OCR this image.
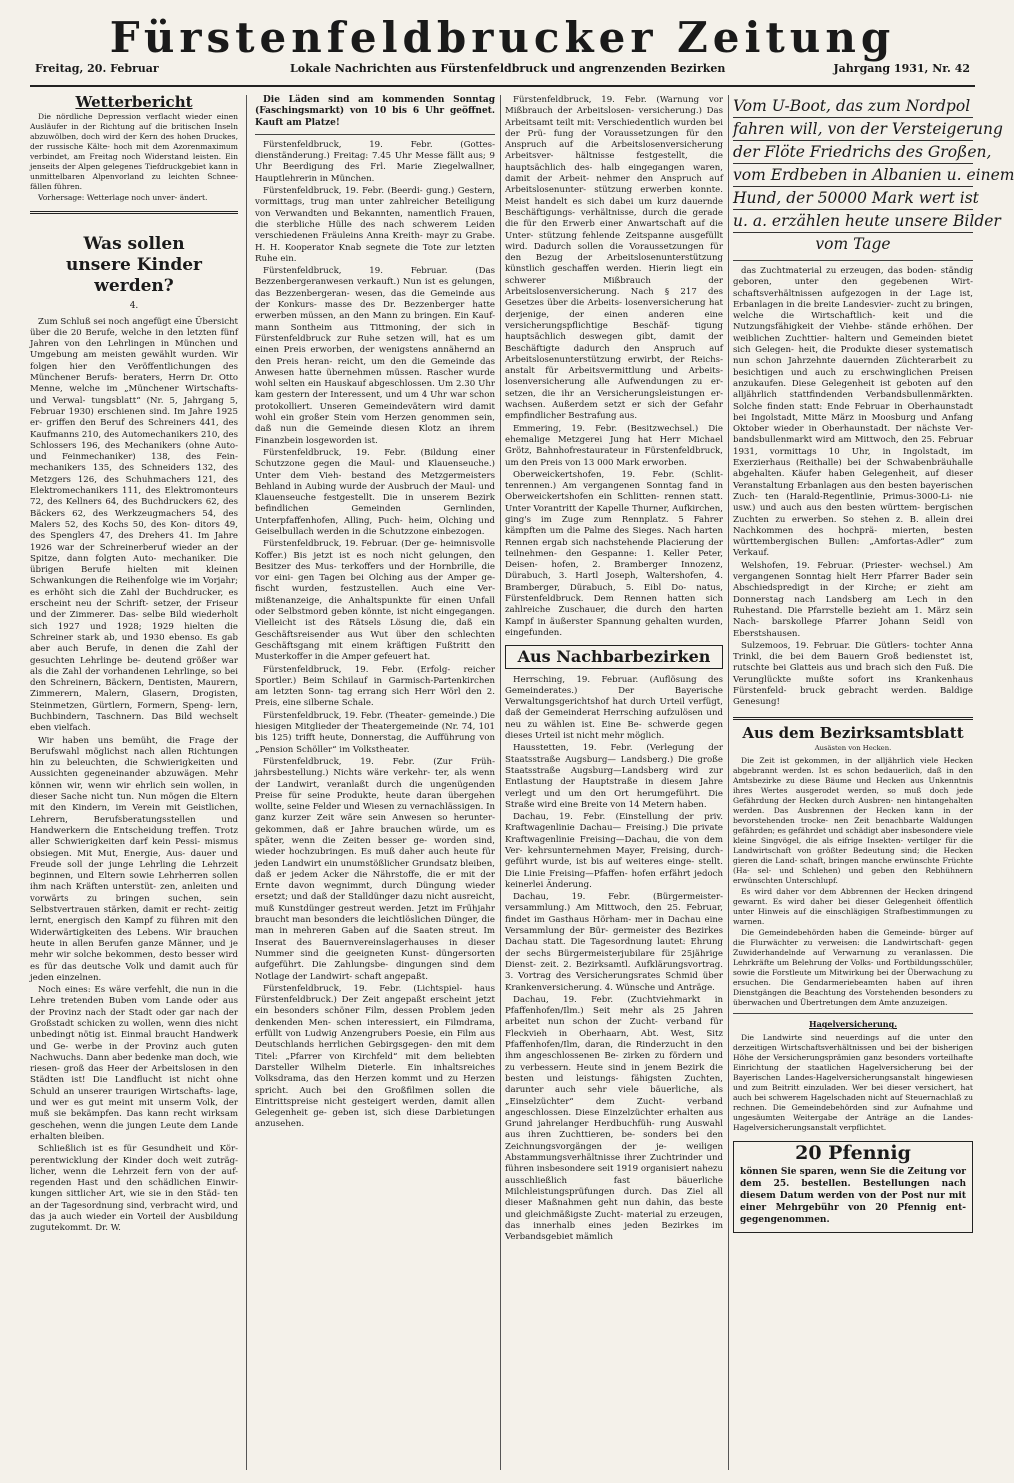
Fürstenfeldbrucker Zeitung
Freitag, 20. Februar	Lokale Nachrichten aus Fürstenfeldbruck und angrenzenden Bezirken	Jahrgang 1931, Nr. 42
Wetterbericht

Die nördliche Depression verflacht wieder einen Ausläufer in der Richtung auf die britischen Inseln abzuwölben, doch wird der Kern des hohen Druckes, der russische Kälte- hoch mit dem Azorenmaximum verbindet, am Freitag noch Widerstand leisten. Ein jenseits der Alpen gelegenes Tiefdruckgebiet kann in unmittelbaren Alpenvorland zu leichten Schnee- fällen führen.

Vorhersage: Wetterlage noch unver- ändert.

Was sollen
unsere Kinder werden?
4.

Zum Schluß sei noch angefügt eine Übersicht über die 20 Berufe, welche in den letzten fünf Jahren von den Lehrlingen in München und Umgebung am meisten gewählt wurden. Wir folgen hier den Veröffentlichungen des Münchener Berufs- beraters, Herrn Dr. Otto Menne, welche im „Münchener Wirtschafts- und Verwal- tungsblatt“ (Nr. 5, Jahrgang 5, Februar 1930) erschienen sind. Im Jahre 1925 er- griffen den Beruf des Schreiners 441, des Kaufmanns 210, des Automechanikers 210, des Schlossers 196, des Mechanikers (ohne Auto- und Feinmechaniker) 138, des Fein- mechanikers 135, des Schneiders 132, des Metzgers 126, des Schuhmachers 121, des Elektromechanikers 111, des Elektromonteurs 72, des Kellners 64, des Buchdruckers 62, des Bäckers 62, des Werkzeugmachers 54, des Malers 52, des Kochs 50, des Kon- ditors 49, des Spenglers 47, des Drehers 41. Im Jahre 1926 war der Schreinerberuf wieder an der Spitze, dann folgten Auto- mechaniker. Die übrigen Berufe hielten mit kleinen Schwankungen die Reihenfolge wie im Vorjahr; es erhöht sich die Zahl der Buchdrucker, es erscheint neu der Schrift- setzer, der Friseur und der Zimmerer. Das- selbe Bild wiederholt sich 1927 und 1928; 1929 hielten die Schreiner stark ab, und 1930 ebenso. Es gab aber auch Berufe, in denen die Zahl der gesuchten Lehrlinge be- deutend größer war als die Zahl der vorhandenen Lehrlinge, so bei den Schreinern, Bäckern, Dentisten, Maurern, Zimmerern, Malern, Glasern, Drogisten, Steinmetzen, Gürtlern, Formern, Speng- lern, Buchbindern, Taschnern. Das Bild wechselt eben vielfach.

Wir haben uns bemüht, die Frage der Berufswahl möglichst nach allen Richtungen hin zu beleuchten, die Schwierigkeiten und Aussichten gegeneinander abzuwägen. Mehr können wir, wenn wir ehrlich sein wollen, in dieser Sache nicht tun. Nun mögen die Eltern mit den Kindern, im Verein mit Geistlichen, Lehrern, Berufsberatungsstellen und Handwerkern die Entscheidung treffen. Trotz aller Schwierigkeiten darf kein Pessi- mismus obsiegen. Mit Mut, Energie, Aus- dauer und Freude soll der junge Lehrling die Lehrzeit beginnen, und Eltern sowie Lehrherren sollen ihm nach Kräften unterstüt- zen, anleiten und vorwärts zu bringen suchen, sein Selbstvertrauen stärken, damit er recht- zeitig lernt, energisch den Kampf zu führen mit den Widerwärtigkeiten des Lebens. Wir brauchen heute in allen Berufen ganze Männer, und je mehr wir solche bekommen, desto besser wird es für das deutsche Volk und damit auch für jeden einzelnen.

Noch eines: Es wäre verfehlt, die nun in die Lehre tretenden Buben vom Lande oder aus der Provinz nach der Stadt oder gar nach der Großstadt schicken zu wollen, wenn dies nicht unbedingt nötig ist. Einmal braucht Handwerk und Ge- werbe in der Provinz auch guten Nachwuchs. Dann aber bedenke man doch, wie riesen- groß das Heer der Arbeitslosen in den Städten ist! Die Landflucht ist nicht ohne Schuld an unserer traurigen Wirtschafts- lage, und wer es gut meint mit unserm Volk, der muß sie bekämpfen. Das kann recht wirksam geschehen, wenn die jungen Leute dem Lande erhalten bleiben.

Schließlich ist es für Gesundheit und Kör- perentwicklung der Kinder doch weit zuträg- licher, wenn die Lehrzeit fern von der auf- regenden Hast und den schädlichen Einwir- kungen sittlicher Art, wie sie in den Städ- ten an der Tagesordnung sind, verbracht wird, und das ja auch wieder ein Vorteil der Ausbildung zugutekommt. Dr. W.

Die Läden sind am kommenden Sonntag (Faschingsmarkt) von 10 bis 6 Uhr geöffnet. Kauft am Platze!

Fürstenfeldbruck, 19. Febr. (Gottes- dienständerung.) Freitag: 7.45 Uhr Messe fällt aus; 9 Uhr Beerdigung des Frl. Marie Ziegelwallner, Hauptlehrerin in München.

Fürstenfeldbruck, 19. Febr. (Beerdi- gung.) Gestern, vormittags, trug man unter zahlreicher Beteiligung von Verwandten und Bekannten, namentlich Frauen, die sterbliche Hülle des nach schwerem Leiden verschiedenen Fräuleins Anna Kreith- mayr zu Grabe. H. H. Kooperator Knab segnete die Tote zur letzten Ruhe ein.

Fürstenfeldbruck, 19. Februar. (Das Bezzenbergeranwesen verkauft.) Nun ist es gelungen, das Bezzenbergeran- wesen, das die Gemeinde aus der Konkurs- masse des Dr. Bezzenberger hatte erwerben müssen, an den Mann zu bringen. Ein Kauf- mann Sontheim aus Tittmoning, der sich in Fürstenfeldbruck zur Ruhe setzen will, hat es um einen Preis erworben, der wenigstens annähernd an den Preis heran- reicht, um den die Gemeinde das Anwesen hatte übernehmen müssen. Rascher wurde wohl selten ein Hauskauf abgeschlossen. Um 2.30 Uhr kam gestern der Interessent, und um 4 Uhr war schon protokolliert. Unseren Gemeindevätern wird damit wohl ein großer Stein vom Herzen genommen sein, daß nun die Gemeinde diesen Klotz an ihrem Finanzbein losgeworden ist.

Fürstenfeldbruck, 19. Febr. (Bildung einer Schutzzone gegen die Maul- und Klauenseuche.) Unter dem Vieh- bestand des Metzgermeisters Behland in Aubing wurde der Ausbruch der Maul- und Klauenseuche festgestellt. Die in unserem Bezirk befindlichen Gemeinden Gernlinden, Unterpfaffenhofen, Alling, Puch- heim, Olching und Geiselbullach werden in die Schutzzone einbezogen.

Fürstenfeldbruck, 19. Februar. (Der ge- heimnisvolle Koffer.) Bis jetzt ist es noch nicht gelungen, den Besitzer des Mus- terkoffers und der Hornbrille, die vor eini- gen Tagen bei Olching aus der Amper ge- fischt wurden, festzustellen. Auch eine Ver- mißtenanzeige, die Anhaltspunkte für einen Unfall oder Selbstmord geben könnte, ist nicht eingegangen. Vielleicht ist des Rätsels Lösung die, daß ein Geschäftsreisender aus Wut über den schlechten Geschäftsgang mit einem kräftigen Fußtritt den Musterkoffer in die Amper gefeuert hat.

Fürstenfeldbruck, 19. Febr. (Erfolg- reicher Sportler.) Beim Schilauf in Garmisch-Partenkirchen am letzten Sonn- tag errang sich Herr Wörl den 2. Preis, eine silberne Schale.

Fürstenfeldbruck, 19. Febr. (Theater- gemeinde.) Die hiesigen Mitglieder der Theatergemeinde (Nr. 74, 101 bis 125) trifft heute, Donnerstag, die Aufführung von „Pension Schöller“ im Volkstheater.

Fürstenfeldbruck, 19. Febr. (Zur Früh- jahrsbestellung.) Nichts wäre verkehr- ter, als wenn der Landwirt, veranlaßt durch die ungenügenden Preise für seine Produkte, heute daran übergehen wollte, seine Felder und Wiesen zu vernachlässigen. In ganz kurzer Zeit wäre sein Anwesen so herunter- gekommen, daß er Jahre brauchen würde, um es später, wenn die Zeiten besser ge- worden sind, wieder hochzubringen. Es muß daher auch heute für jeden Landwirt ein unumstößlicher Grundsatz bleiben, daß er jedem Acker die Nährstoffe, die er mit der Ernte davon wegnimmt, durch Düngung wieder ersetzt; und daß der Stalldünger dazu nicht ausreicht, muß Kunstdünger gestreut werden. Jetzt im Frühjahr braucht man besonders die leichtlöslichen Dünger, die man in mehreren Gaben auf die Saaten streut. Im Inserat des Bauernvereinslagerhauses in dieser Nummer sind die geeigneten Kunst- düngersorten aufgeführt. Die Zahlungsbe- dingungen sind dem Notlage der Landwirt- schaft angepaßt.

Fürstenfeldbruck, 19. Febr. (Lichtspiel- haus Fürstenfeldbruck.) Der Zeit angepaßt erscheint jetzt ein besonders schöner Film, dessen Problem jeden denkenden Men- schen interessiert, ein Filmdrama, erfüllt von Ludwig Anzengrubers Poesie, ein Film aus Deutschlands herrlichen Gebirgsgegen- den mit dem Titel: „Pfarrer von Kirchfeld“ mit dem beliebten Darsteller Wilhelm Dieterle. Ein inhaltsreiches Volksdrama, das den Herzen kommt und zu Herzen spricht. Auch bei den Großfilmen sollen die Eintrittspreise nicht gesteigert werden, damit allen Gelegenheit ge- geben ist, sich diese Darbietungen anzusehen.

Fürstenfeldbruck, 19. Febr. (Warnung vor Mißbrauch der Arbeitslosen- versicherung.) Das Arbeitsamt teilt mit: Verschiedentlich wurden bei der Prü- fung der Voraussetzungen für den Anspruch auf die Arbeitslosenversicherung Arbeitsver- hältnisse festgestellt, die hauptsächlich des- halb eingegangen waren, damit der Arbeit- nehmer den Anspruch auf Arbeitslosenunter- stützung erwerben konnte. Meist handelt es sich dabei um kurz dauernde Beschäftigungs- verhältnisse, durch die gerade die für den Erwerb einer Anwartschaft auf die Unter- stützung fehlende Zeitspanne ausgefüllt wird. Dadurch sollen die Voraussetzungen für den Bezug der Arbeitslosenunterstützung künstlich geschaffen werden. Hierin liegt ein schwerer Mißbrauch der Arbeitslosenversicherung. Nach § 217 des Gesetzes über die Arbeits- losenversicherung hat derjenige, der einen anderen eine versicherungspflichtige Beschäf- tigung hauptsächlich deswegen gibt, damit der Beschäftigte dadurch den Anspruch auf Arbeitslosenunterstützung erwirbt, der Reichs- anstalt für Arbeitsvermittlung und Arbeits- losenversicherung alle Aufwendungen zu er- setzen, die ihr an Versicherungsleistungen er- wachsen. Außerdem setzt er sich der Gefahr empfindlicher Bestrafung aus.

Emmering, 19. Febr. (Besitzwechsel.) Die ehemalige Metzgerei Jung hat Herr Michael Grötz, Bahnhofrestaurateur in Fürstenfeldbruck, um den Preis von 13 000 Mark erworben.

Oberweickertshofen, 19. Febr. (Schlit- tenrennen.) Am vergangenen Sonntag fand in Oberweickertshofen ein Schlitten- rennen statt. Unter Vorantritt der Kapelle Thurner, Aufkirchen, ging's im Zuge zum Rennplatz. 5 Fahrer kämpften um die Palme des Sieges. Nach harten Rennen ergab sich nachstehende Placierung der teilnehmen- den Gespanne: 1. Keller Peter, Deisen- hofen, 2. Bramberger Innozenz, Dürabuch, 3. Hartl Joseph, Waltershofen, 4. Bramberger, Dürabuch, 5. Eibl Do- natus, Fürstenfeldbruck. Dem Rennen hatten sich zahlreiche Zuschauer, die durch den harten Kampf in äußerster Spannung gehalten wurden, eingefunden.

Aus Nachbarbezirken

Herrsching, 19. Februar. (Auflösung des Gemeinderates.) Der Bayerische Verwaltungsgerichtshof hat durch Urteil verfügt, daß der Gemeinderat Herrsching aufzulösen und neu zu wählen ist. Eine Be- schwerde gegen dieses Urteil ist nicht mehr möglich.

Hausstetten, 19. Febr. (Verlegung der Staatsstraße Augsburg— Landsberg.) Die große Staatsstraße Augsburg—Landsberg wird zur Entlastung der Hauptstraße in diesem Jahre verlegt und um den Ort herumgeführt. Die Straße wird eine Breite von 14 Metern haben.

Dachau, 19. Febr. (Einstellung der priv. Kraftwagenlinie Dachau— Freising.) Die private Kraftwagenlinie Freising—Dachau, die von dem Ver- kehrsunternehmen Mayer, Freising, durch- geführt wurde, ist bis auf weiteres einge- stellt. Die Linie Freising—Pfaffen- hofen erfährt jedoch keinerlei Änderung.

Dachau, 19. Febr. (Bürgermeister- versammlung.) Am Mittwoch, den 25. Februar, findet im Gasthaus Hörham- mer in Dachau eine Versammlung der Bür- germeister des Bezirkes Dachau statt. Die Tagesordnung lautet: Ehrung der sechs Bürgermeisterjubilare für 25jährige Dienst- zeit. 2. Bezirksamtl. Aufklärungsvortrag. 3. Vortrag des Versicherungsrates Schmid über Krankenversicherung. 4. Wünsche und Anträge.

Dachau, 19. Febr. (Zuchtviehmarkt in Pfaffenhofen/Ilm.) Seit mehr als 25 Jahren arbeitet nun schon der Zucht- verband für Fleckvieh in Oberhaarn, Abt. West, Sitz Pfaffenhofen/Ilm, daran, die Rinderzucht in den ihm angeschlossenen Be- zirken zu fördern und zu verbessern. Heute sind in jenem Bezirk die besten und leistungs- fähigsten Zuchten, darunter auch sehr viele bäuerliche, als „Einselzüchter“ dem Zucht- verband angeschlossen. Diese Einzelzüchter erhalten aus Grund jahrelanger Herdbuchfüh- rung Auswahl aus ihren Zuchttieren, be- sonders bei den Zeichnungsvorgängen der je- weiligen Abstammungsverhältnisse ihrer Zuchtrinder und führen insbesondere seit 1919 organisiert nahezu ausschließlich fast bäuerliche Milchleistungsprüfungen durch. Das Ziel all dieser Maßnahmen geht nun dahin, das beste und gleichmäßigste Zucht- material zu erzeugen, das innerhalb eines jeden Bezirkes im Verbandsgebiet mämlich

Vom U-Boot, das zum Nordpol
fahren will, von der Versteigerung
der Flöte Friedrichs des Großen,
vom Erdbeben in Albanien u. einem
Hund, der 50000 Mark wert ist
u. a. erzählen heute unsere Bilder
vom Tage

das Zuchtmaterial zu erzeugen, das boden- ständig geboren, unter den gegebenen Wirt- schaftsverhältnissen aufgezogen in der Lage ist, Erbanlagen in die breite Landesvier- zucht zu bringen, welche die Wirtschaftlich- keit und die Nutzungsfähigkeit der Viehbe- stände erhöhen. Der weiblichen Zuchttier- haltern und Gemeinden bietet sich Gelegen- heit, die Produkte dieser systematisch nun schon Jahrzehnte dauernden Züchterarbeit zu besichtigen und auch zu erschwinglichen Preisen anzukaufen. Diese Gelegenheit ist geboten auf den alljährlich stattfindenden Verbandsbullenmärkten. Solche finden statt: Ende Februar in Oberhaunstadt bei Ingolstadt, Mitte März in Moosburg und Anfang Oktober wieder in Oberhaunstadt. Der nächste Ver- bandsbullenmarkt wird am Mittwoch, den 25. Februar 1931, vormittags 10 Uhr, in Ingolstadt, im Exerzierhaus (Reithalle) bei der Schwabenbräuhalle abgehalten. Käufer haben Gelegenheit, auf dieser Veranstaltung Erbanlagen aus den besten bayerischen Zuch- ten (Harald-Regentlinie, Primus-3000-Li- nie usw.) und auch aus den besten württem- bergischen Zuchten zu erwerben. So stehen z. B. allein drei Nachkommen des hochprä- mierten, besten württembergischen Bullen: „Amfortas-Adler“ zum Verkauf.

Welshofen, 19. Februar. (Priester- wechsel.) Am vergangenen Sonntag hielt Herr Pfarrer Bader sein Abschiedspredigt in der Kirche; er zieht am Donnerstag nach Landsberg am Lech in den Ruhestand. Die Pfarrstelle bezieht am 1. März sein Nach- barskollege Pfarrer Johann Seidl von Eberstshausen.

Sulzemoos, 19. Februar. Die Gütlers- tochter Anna Trinkl, die bei dem Bauern Groß bedienstet ist, rutschte bei Glatteis aus und brach sich den Fuß. Die Verunglückte mußte sofort ins Krankenhaus Fürstenfeld- bruck gebracht werden. Baldige Genesung!

Aus dem Bezirksamtsblatt
Ausästen von Hecken.

Die Zeit ist gekommen, in der alljährlich viele Hecken abgebrannt werden. Ist es schon bedauerlich, daß in den Amtsbezirke zu diese Bäume und Hecken aus Unkenntnis ihres Wertes ausgerodet werden, so muß doch jede Gefährdung der Hecken durch Ausbren- nen hintangehalten werden. Das Ausbrennen der Hecken kann in der bevorstehenden trocke- nen Zeit benachbarte Waldungen gefährden; es gefährdet und schädigt aber insbesondere viele kleine Singvögel, die als eifrige Insekten- vertilger für die Landwirtschaft von größter Bedeutung sind; die Hecken gieren die Land- schaft, bringen manche erwünschte Früchte (Ha- sel- und Schlehen) und geben den Rebhühnern erwünschten Unterschlupf.

Es wird daher vor dem Abbrennen der Hecken dringend gewarnt. Es wird daher bei dieser Gelegenheit öffentlich unter Hinweis auf die einschlägigen Strafbestimmungen zu warnen.

Die Gemeindebehörden haben die Gemeinde- bürger auf die Flurwächter zu verweisen: die Landwirtschaft- gegen Zuwiderhandelnde auf Verwarnung zu veranlassen. Die Lehrkräfte um Belehrung der Volks- und Fortbildungsschüler, sowie die Forstleute um Mitwirkung bei der Überwachung zu ersuchen. Die Gendarmeriebeamten haben auf ihren Dienstgängen die Beachtung des Vorstehenden besonders zu überwachen und Übertretungen dem Amte anzuzeigen.

Hagelversicherung.

Die Landwirte sind neuerdings auf die unter den derzeitigen Wirtschaftsverhältnissen und bei der bisherigen Höhe der Versicherungsprämien ganz besonders vorteilhafte Einrichtung der staatlichen Hagelversicherung bei der Bayerischen Landes-Hagelversicherungsanstalt hingewiesen und zum Beitritt einzuladen. Wer bei dieser versichert, hat auch bei schwerem Hagelschaden nicht auf Steuernachlaß zu rechnen. Die Gemeindebehörden sind zur Aufnahme und ungesäumten Weitergabe der Anträge an die Landes-Hagelversicherungsanstalt verpflichtet.

20 Pfennig
können Sie sparen, wenn Sie die Zeitung vor dem 25. bestellen. Bestellungen nach diesem Datum werden von der Post nur mit einer Mehrgebühr von 20 Pfennig ent- gegengenommen.
